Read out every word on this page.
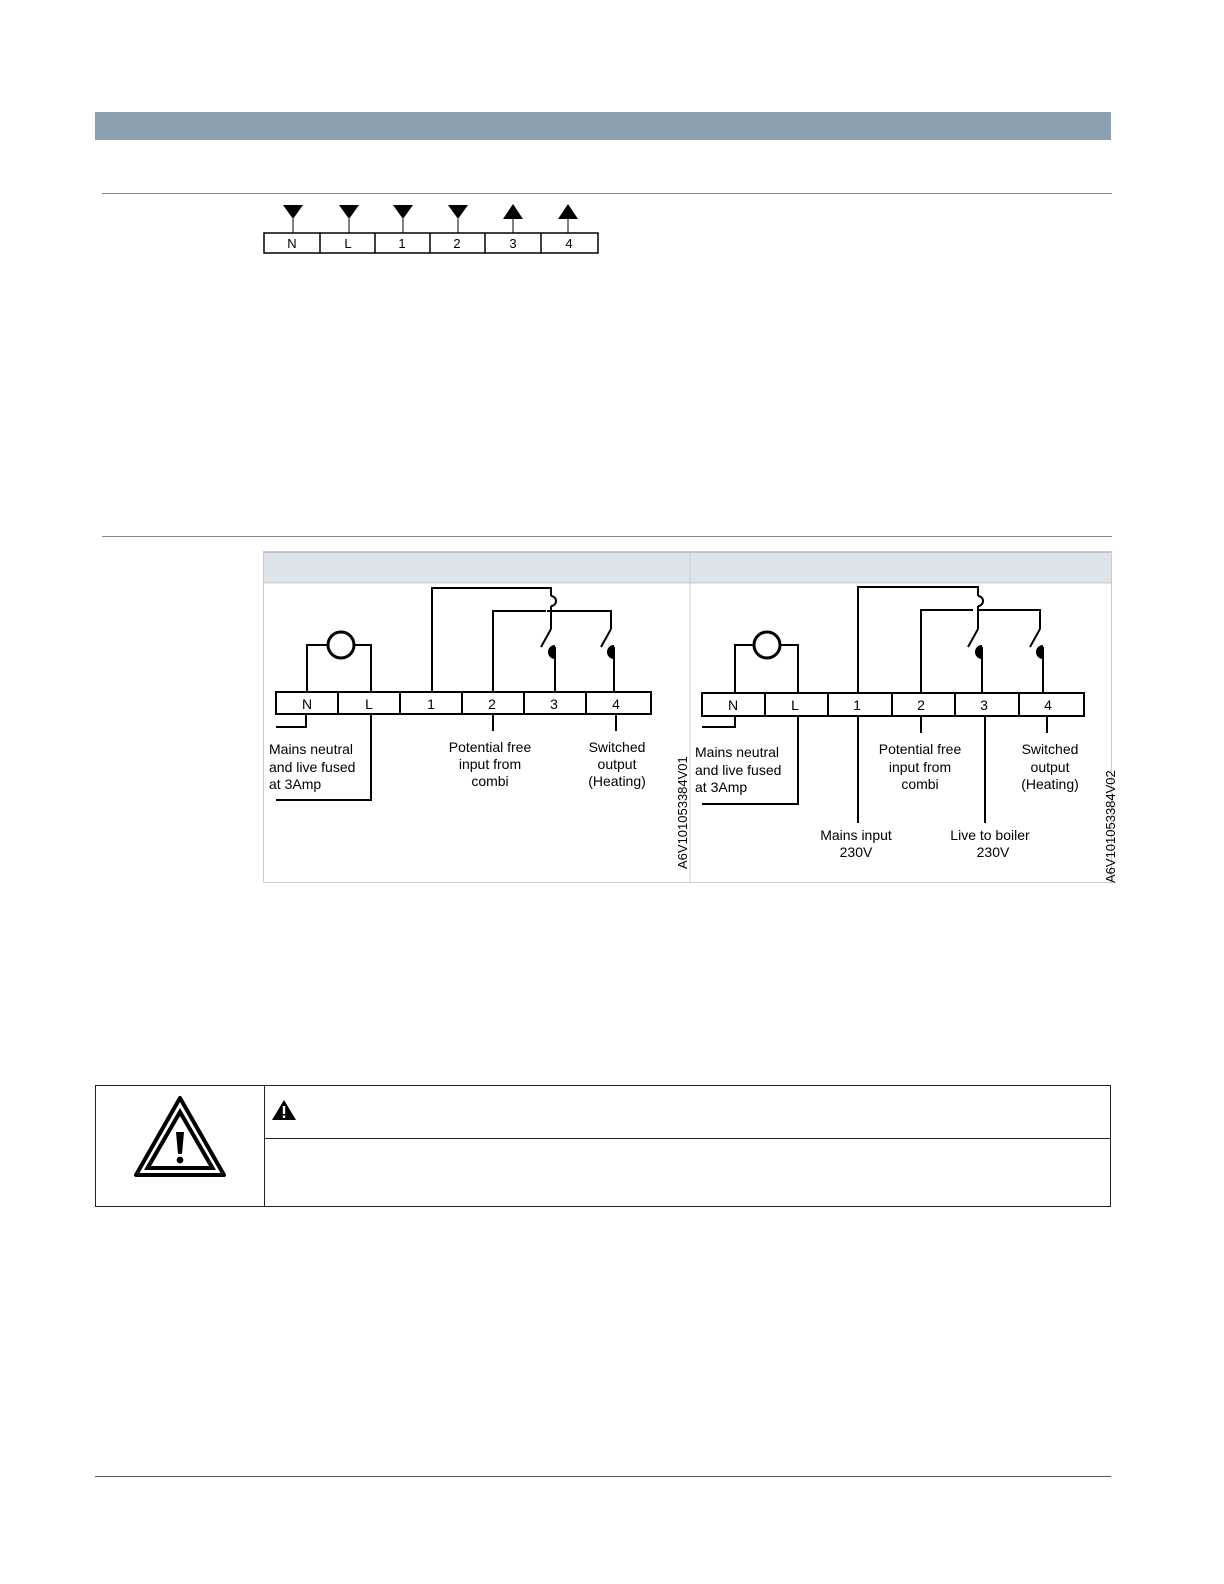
N	L	1	2	3	4
N	L	1	2	3	4
Mains neutral
and live fused
at 3Amp
Potential free
input from
combi
Switched
output
(Heating) A6V101053384V01
N	L	1	2	3	4
Mains neutral
and live fused
at 3Amp
Potential free
input from
combi
Switched
output
(Heating)
Mains input
230V
Live to boiler
230V	A6V101053384V02
